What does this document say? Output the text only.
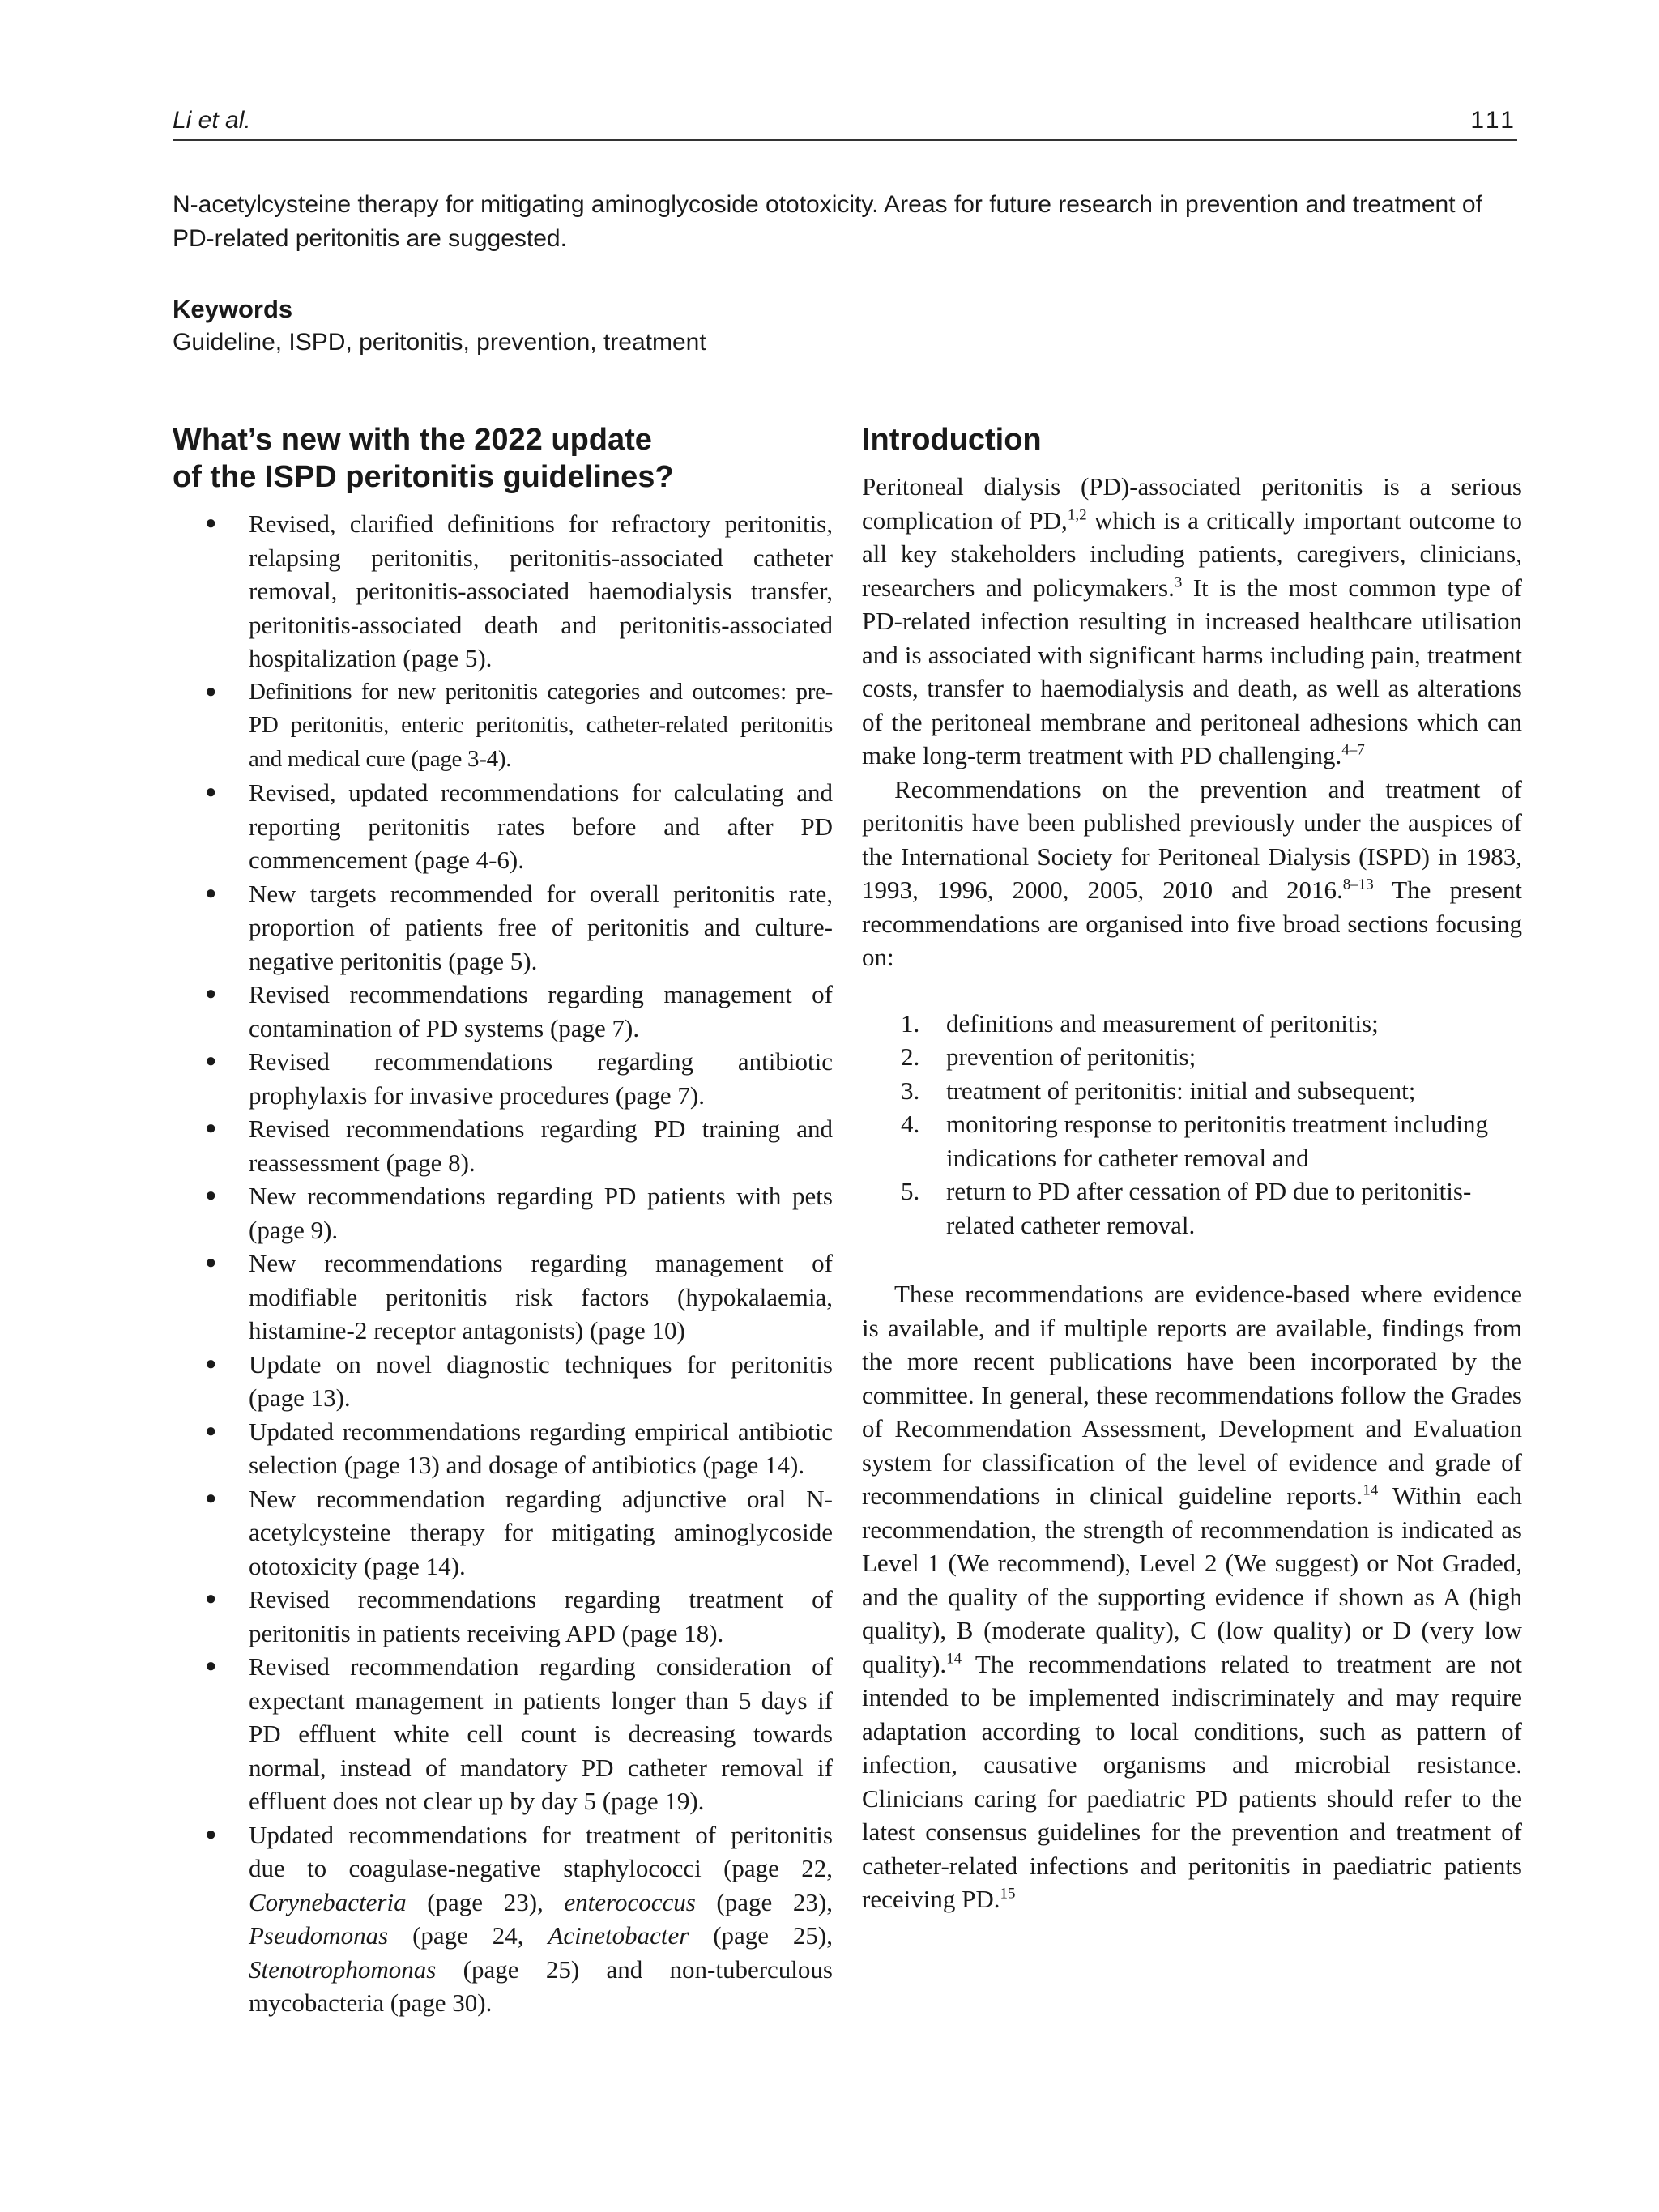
Li et al.	111
N-acetylcysteine therapy for mitigating aminoglycoside ototoxicity. Areas for future research in prevention and treatment of PD-related peritonitis are suggested.
Keywords
Guideline, ISPD, peritonitis, prevention, treatment
What’s new with the 2022 update
of the ISPD peritonitis guidelines?
● Revised, clarified definitions for refractory peritonitis, relapsing peritonitis, peritonitis-associated catheter removal, peritonitis-associated haemodialysis transfer, peritonitis-associated death and peritonitis-associated hospitalization (page 5).
● Definitions for new peritonitis categories and outcomes: pre-PD peritonitis, enteric peritonitis, catheter-related peritonitis and medical cure (page 3-4).
● Revised, updated recommendations for calculating and reporting peritonitis rates before and after PD commencement (page 4-6).
● New targets recommended for overall peritonitis rate, proportion of patients free of peritonitis and culture-negative peritonitis (page 5).
● Revised recommendations regarding management of contamination of PD systems (page 7).
● Revised recommendations regarding antibiotic prophylaxis for invasive procedures (page 7).
● Revised recommendations regarding PD training and reassessment (page 8).
● New recommendations regarding PD patients with pets (page 9).
● New recommendations regarding management of modifiable peritonitis risk factors (hypokalaemia, histamine-2 receptor antagonists) (page 10)
● Update on novel diagnostic techniques for peritonitis (page 13).
● Updated recommendations regarding empirical antibiotic selection (page 13) and dosage of antibiotics (page 14).
● New recommendation regarding adjunctive oral N-acetylcysteine therapy for mitigating aminoglycoside ototoxicity (page 14).
● Revised recommendations regarding treatment of peritonitis in patients receiving APD (page 18).
● Revised recommendation regarding consideration of expectant management in patients longer than 5 days if PD effluent white cell count is decreasing towards normal, instead of mandatory PD catheter removal if effluent does not clear up by day 5 (page 19).
● Updated recommendations for treatment of peritonitis due to coagulase-negative staphylococci (page 22, Corynebacteria (page 23), enterococcus (page 23), Pseudomonas (page 24, Acinetobacter (page 25), Stenotrophomonas (page 25) and non-tuberculous mycobacteria (page 30).
Introduction

Peritoneal dialysis (PD)-associated peritonitis is a serious complication of PD,$^{1,2}$ which is a critically important outcome to all key stakeholders including patients, caregivers, clinicians, researchers and policymakers.$^3$ It is the most common type of PD-related infection resulting in increased healthcare utilisation and is associated with significant harms including pain, treatment costs, transfer to haemodialysis and death, as well as alterations of the peritoneal membrane and peritoneal adhesions which can make long-term treatment with PD challenging.$^{4-7}$

Recommendations on the prevention and treatment of peritonitis have been published previously under the auspices of the International Society for Peritoneal Dialysis (ISPD) in 1983, 1993, 1996, 2000, 2005, 2010 and 2016.$^{8-13}$ The present recommendations are organised into five broad sections focusing on:

1. definitions and measurement of peritonitis;
2. prevention of peritonitis;
3. treatment of peritonitis: initial and subsequent;
4. monitoring response to peritonitis treatment including indications for catheter removal and
5. return to PD after cessation of PD due to peritonitis-related catheter removal.

These recommendations are evidence-based where evidence is available, and if multiple reports are available, findings from the more recent publications have been incorporated by the committee. In general, these recommendations follow the Grades of Recommendation Assessment, Development and Evaluation system for classification of the level of evidence and grade of recommendations in clinical guideline reports.$^{14}$ Within each recommendation, the strength of recommendation is indicated as Level 1 (We recommend), Level 2 (We suggest) or Not Graded, and the quality of the supporting evidence if shown as A (high quality), B (moderate quality), C (low quality) or D (very low quality).$^{14}$ The recommendations related to treatment are not intended to be implemented indiscriminately and may require adaptation according to local conditions, such as pattern of infection, causative organisms and microbial resistance. Clinicians caring for paediatric PD patients should refer to the latest consensus guidelines for the prevention and treatment of catheter-related infections and peritonitis in paediatric patients receiving PD.$^{15}$
